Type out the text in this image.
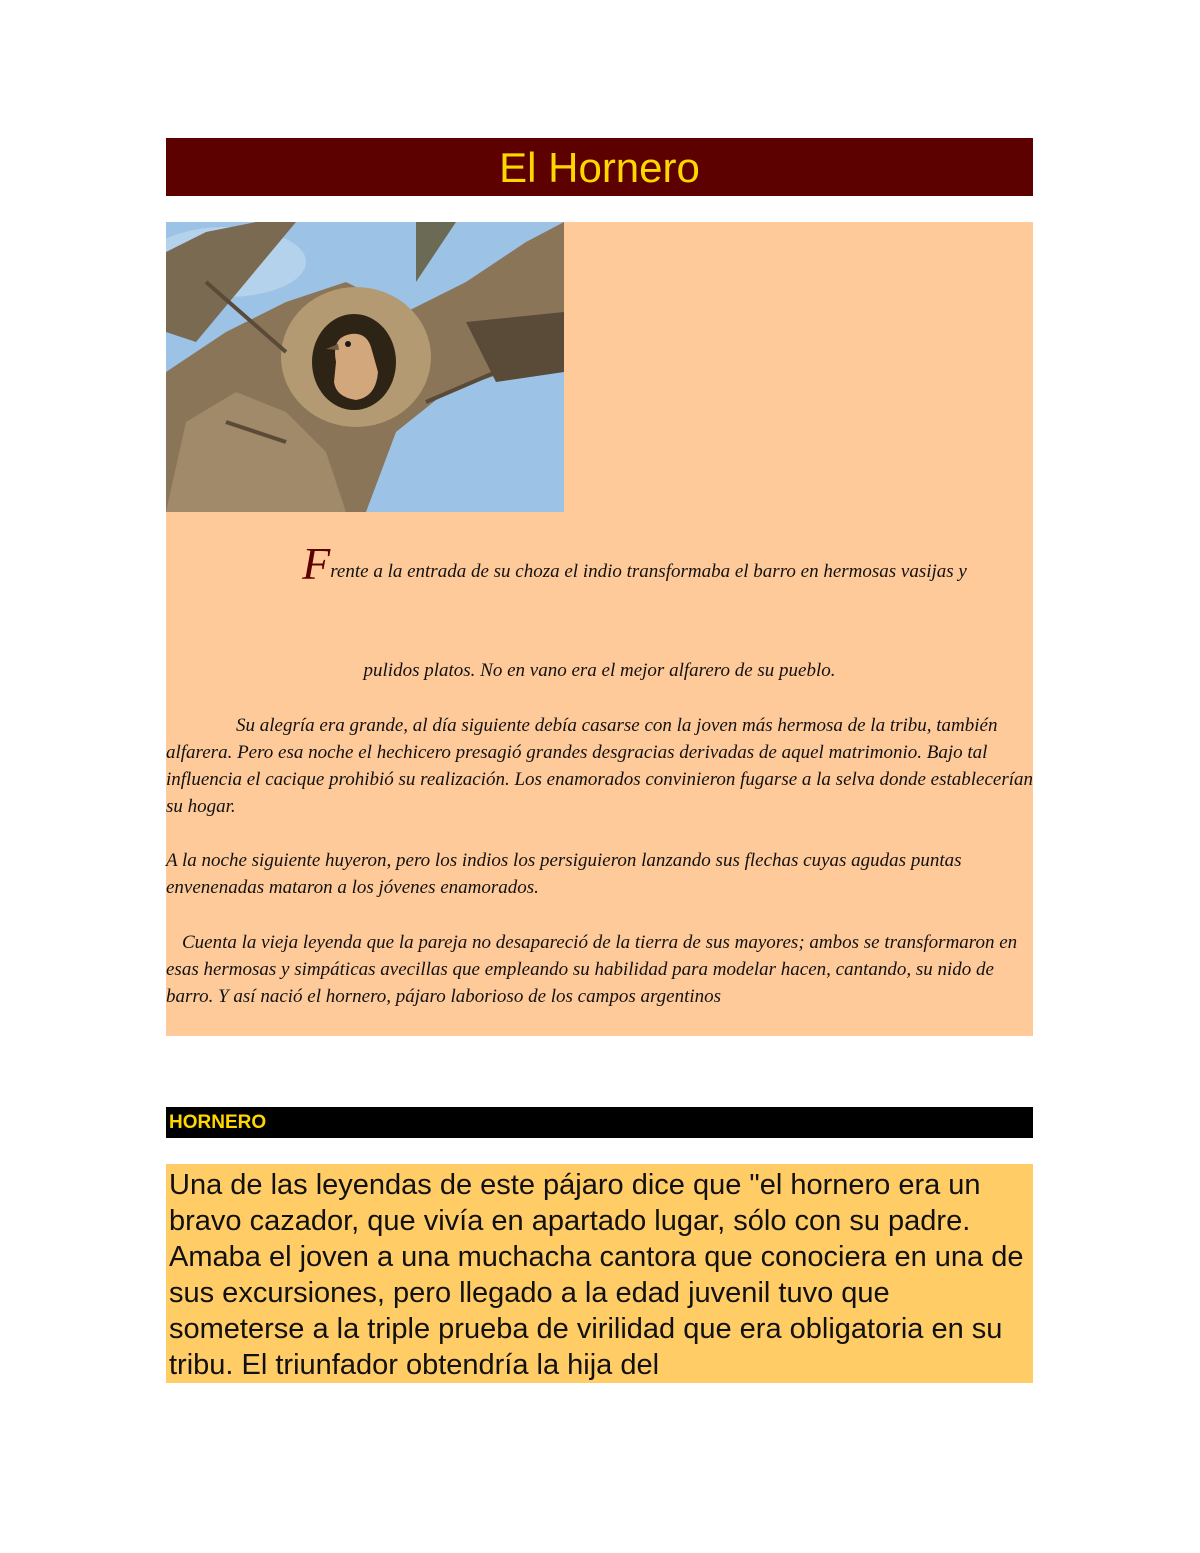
El Hornero

Frente a la entrada de su choza el indio transformaba el barro en hermosas vasijas y

pulidos platos. No en vano era el mejor alfarero de su pueblo.

Su alegría era grande, al día siguiente debía casarse con la joven más hermosa de la tribu, también alfarera. Pero esa noche el hechicero presagió grandes desgracias derivadas de aquel matrimonio. Bajo tal influencia el cacique prohibió su realización. Los enamorados convinieron fugarse a la selva donde establecerían su hogar.

A la noche siguiente huyeron, pero los indios los persiguieron lanzando sus flechas cuyas agudas puntas envenenadas mataron a los jóvenes enamorados.

Cuenta la vieja leyenda que la pareja no desapareció de la tierra de sus mayores; ambos se transformaron en esas hermosas y simpáticas avecillas que empleando su habilidad para modelar hacen, cantando, su nido de barro. Y así nació el hornero, pájaro laborioso de los campos argentinos

HORNERO

Una de las leyendas de este pájaro dice que "el hornero era un bravo cazador, que vivía en apartado lugar, sólo con su padre. Amaba el joven a una muchacha cantora que conociera en una de sus excursiones, pero llegado a la edad juvenil tuvo que someterse a la triple prueba de virilidad que era obligatoria en su tribu. El triunfador obtendría la hija del
